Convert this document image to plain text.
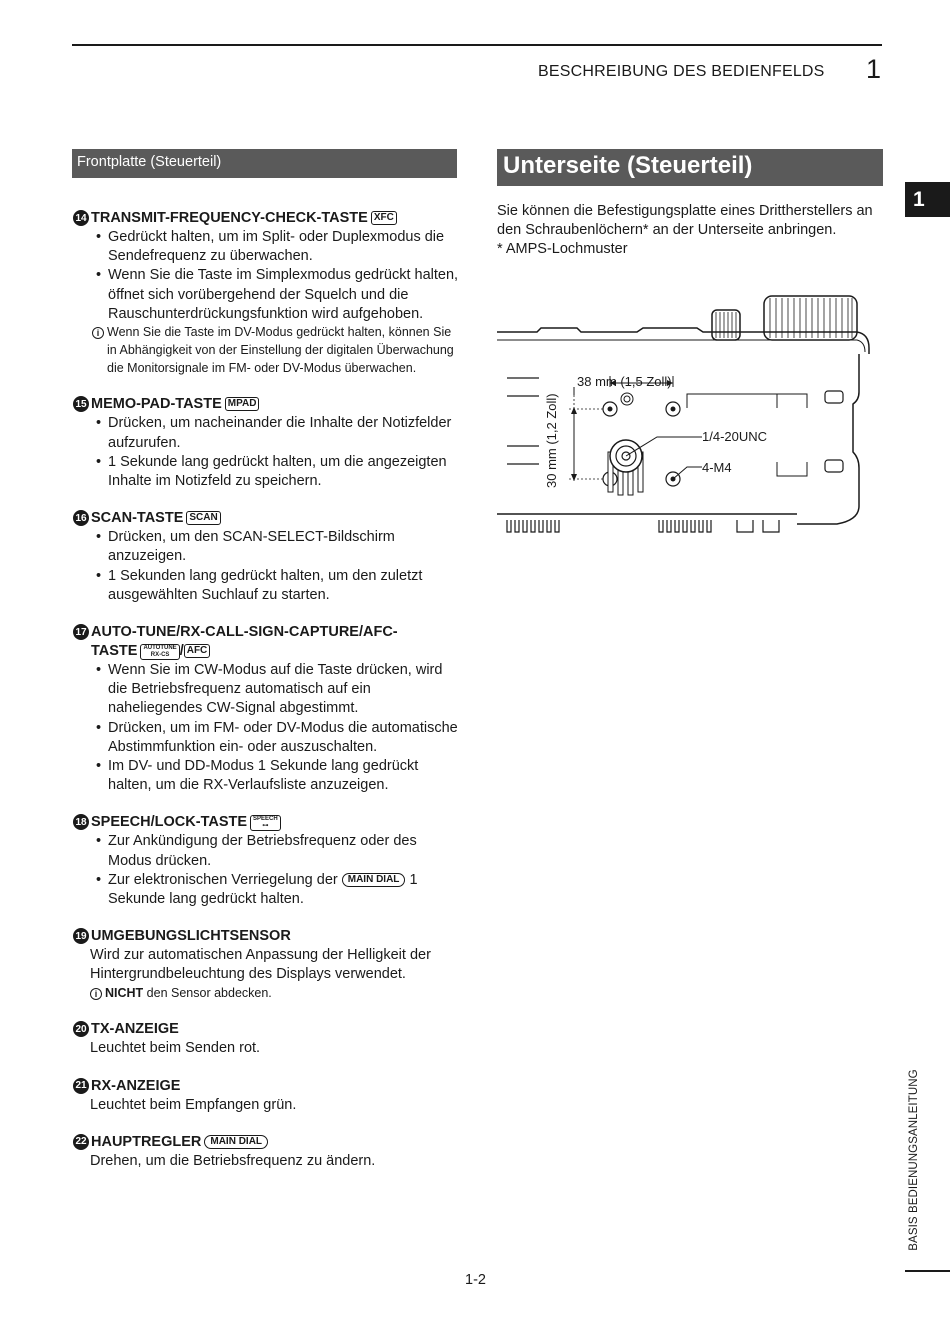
BESCHREIBUNG DES BEDIENFELDS 1
1
BASIS BEDIENUNGSANLEITUNG
Frontplatte (Steuerteil)	Unterseite (Steuerteil)
14 TRANSMIT-FREQUENCY-CHECK-TASTE XFC
• Gedrückt halten, um im Split- oder Duplexmodus die Sendefrequenz zu überwachen.
• Wenn Sie die Taste im Simplexmodus gedrückt halten, öffnet sich vorübergehend der Squelch und die Rauschunterdrückungsfunktion wird aufgehoben.
i Wenn Sie die Taste im DV-Modus gedrückt halten, können Sie in Abhängigkeit von der Einstellung der digitalen Überwachung die Monitorsignale im FM- oder DV-Modus überwachen.
15 MEMO-PAD-TASTE MPAD
• Drücken, um nacheinander die Inhalte der Notizfelder aufzurufen.
• 1 Sekunde lang gedrückt halten, um die angezeigten Inhalte im Notizfeld zu speichern.
16 SCAN-TASTE SCAN
• Drücken, um den SCAN-SELECT-Bildschirm anzuzeigen.
• 1 Sekunden lang gedrückt halten, um den zuletzt ausgewählten Suchlauf zu starten.
17 AUTO-TUNE/RX-CALL-SIGN-CAPTURE/AFC-
TASTE AUTOTUNE
RX-CS / AFC
• Wenn Sie im CW-Modus auf die Taste drücken, wird die Betriebsfrequenz automatisch auf ein naheliegendes CW-Signal abgestimmt.
• Drücken, um im FM- oder DV-Modus die automatische Abstimmfunktion ein- oder auszuschalten.
• Im DV- und DD-Modus 1 Sekunde lang gedrückt halten, um die RX-Verlaufsliste anzuzeigen.
18 SPEECH/LOCK-TASTE SPEECH
⊶
• Zur Ankündigung der Betriebsfrequenz oder des Modus drücken.
• Zur elektronischen Verriegelung der MAIN DIAL 1 Sekunde lang gedrückt halten.
19 UMGEBUNGSLICHTSENSOR
Wird zur automatischen Anpassung der Helligkeit der Hintergrundbeleuchtung des Displays verwendet.
i NICHT den Sensor abdecken.
20 TX-ANZEIGE
Leuchtet beim Senden rot.
21 RX-ANZEIGE
Leuchtet beim Empfangen grün.
22 HAUPTREGLER MAIN DIAL
Drehen, um die Betriebsfrequenz zu ändern.
Sie können die Befestigungsplatte eines Drittherstellers an den Schraubenlöchern* an der Unterseite anbringen.
* AMPS-Lochmuster
38 mm (1,5 Zoll)
30 mm (1,2 Zoll)	1/4-20UNC
4-M4
1-2
